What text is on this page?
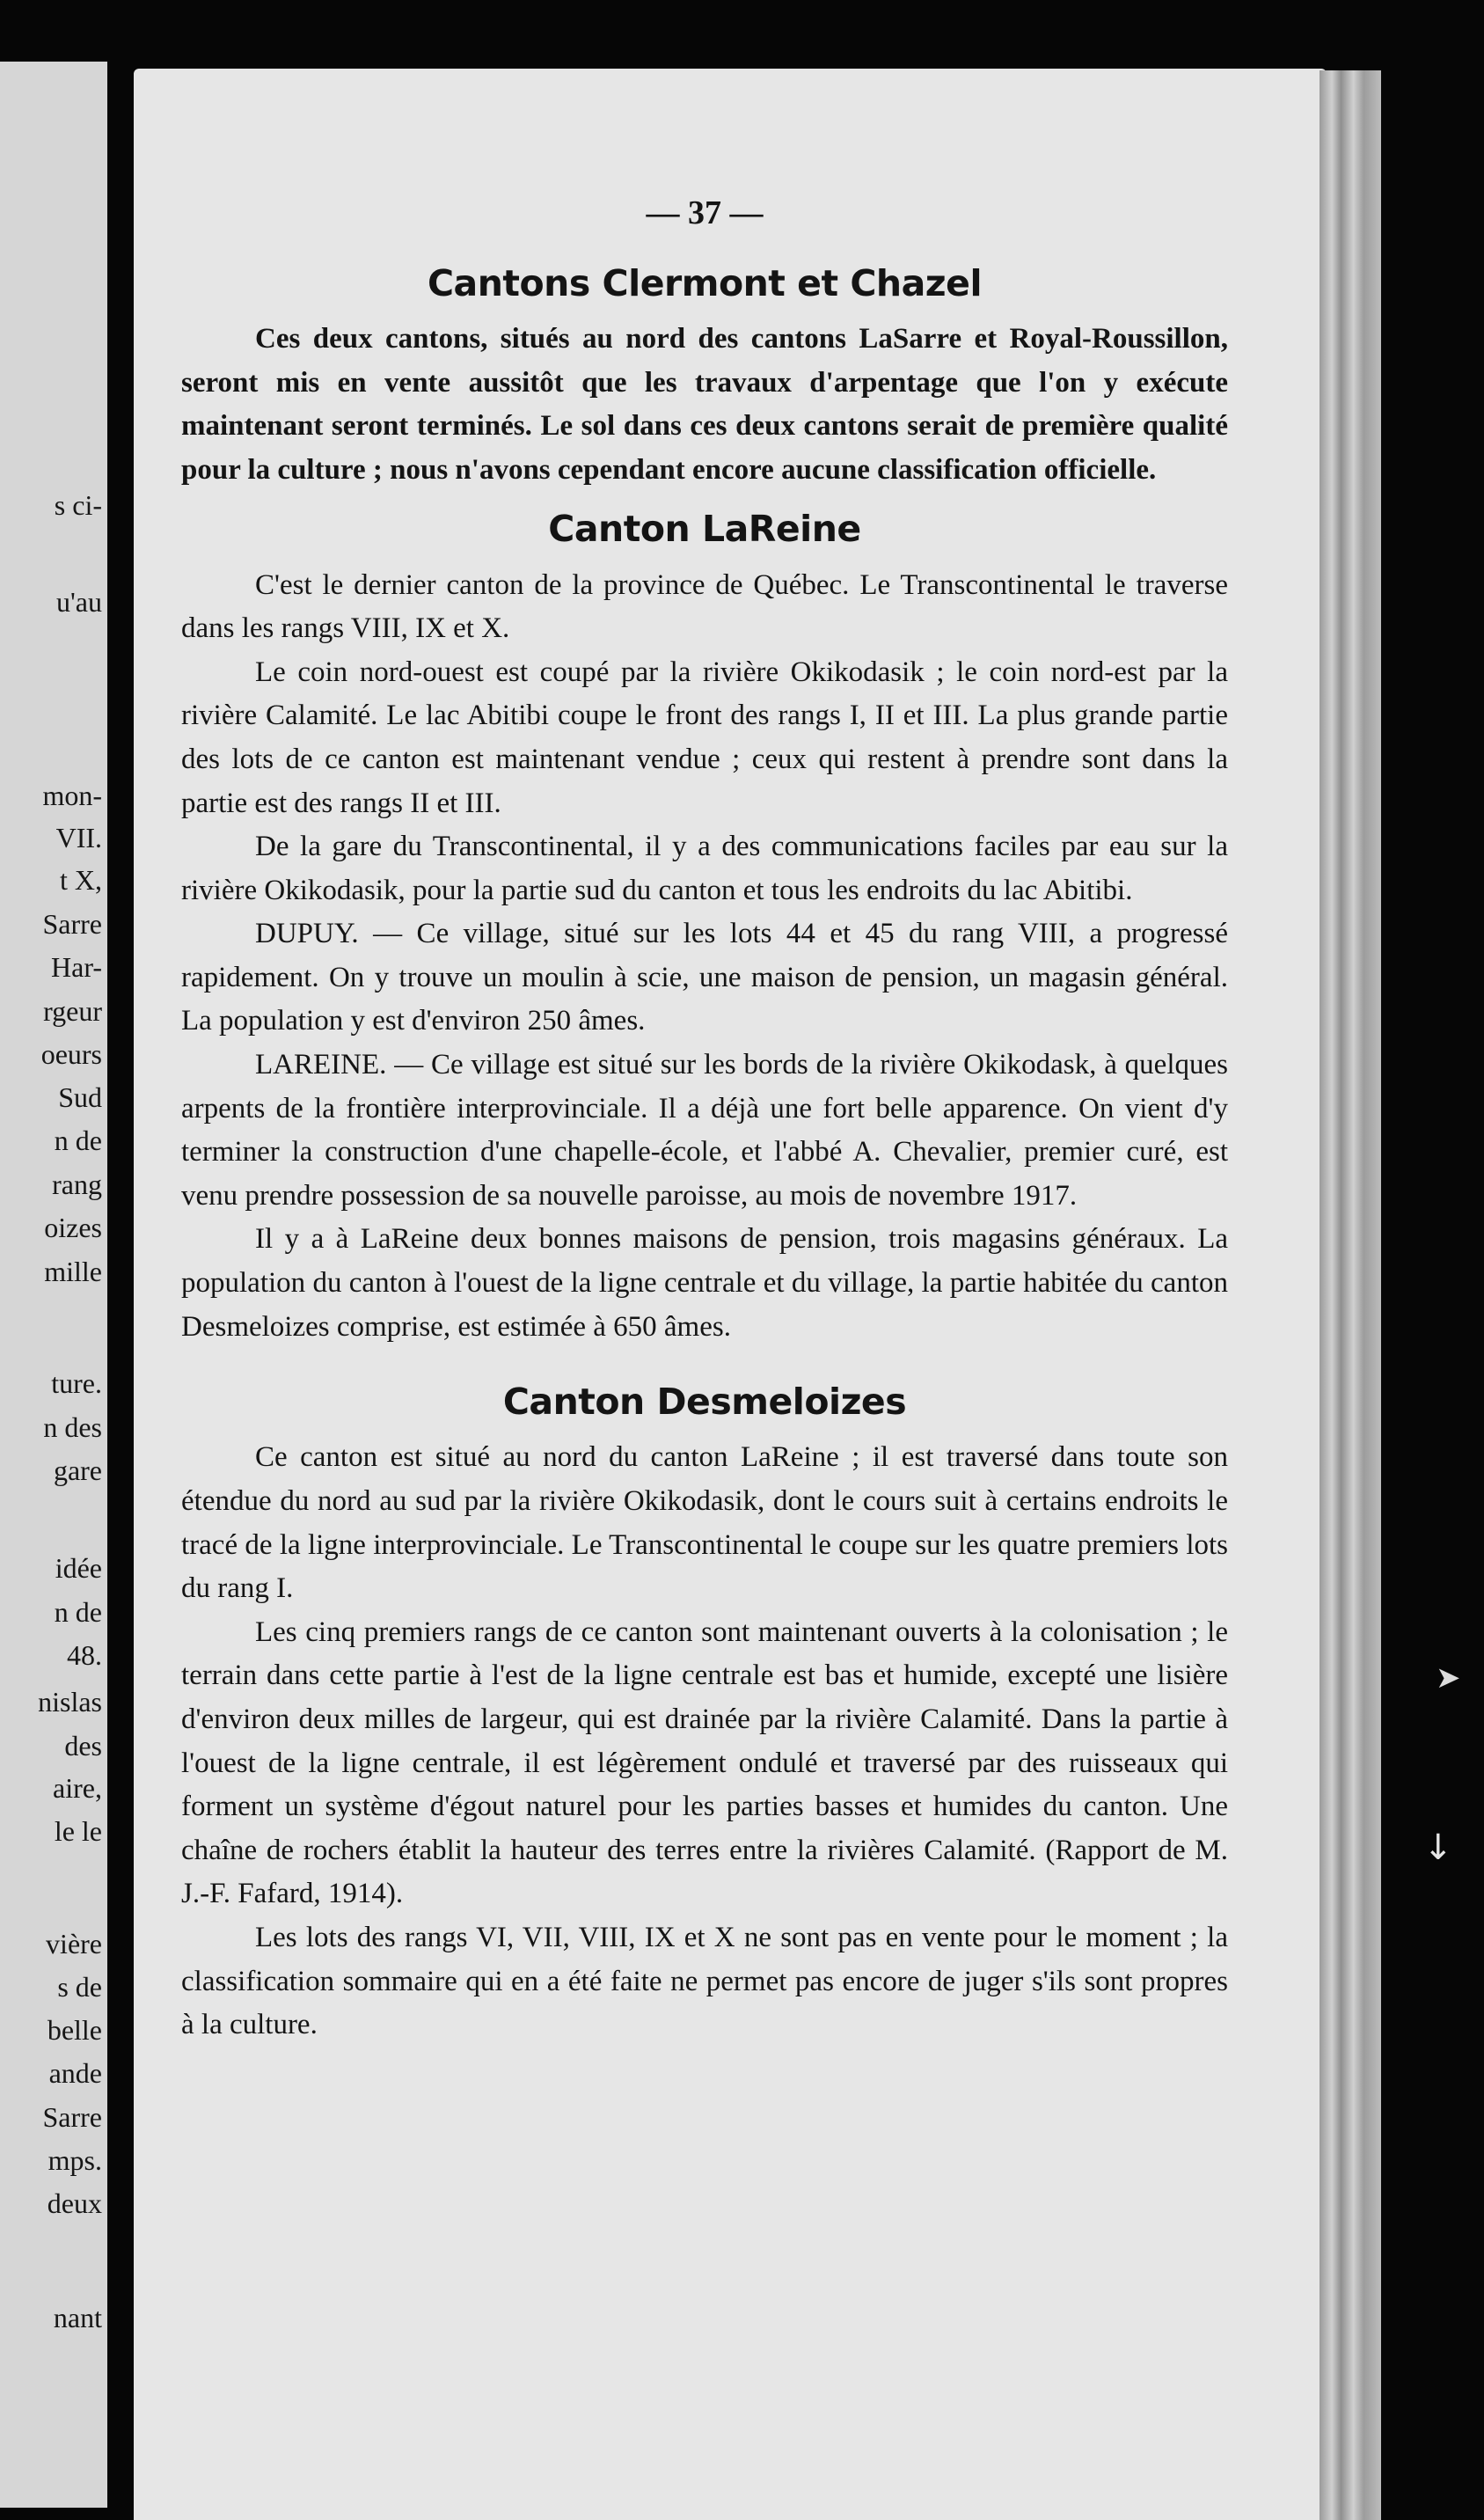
s ci-
u'au
mon-
VII.
t X,
Sarre
Har-
rgeur
oeurs
Sud
n de
rang
oizes
mille
ture.
n des
gare
idée
n de
48.
nislas
des
aire,
le le
vière
s de
belle
ande
Sarre
mps.
deux
nant
➤
↓
— 37 —
Cantons Clermont et Chazel

Ces deux cantons, situés au nord des cantons LaSarre et Royal-Roussillon, seront mis en vente aussitôt que les travaux d'arpentage que l'on y exécute maintenant seront terminés. Le sol dans ces deux cantons serait de première qualité pour la culture ; nous n'avons cependant encore aucune classification officielle.

Canton LaReine

C'est le dernier canton de la province de Québec. Le Transcontinental le traverse dans les rangs VIII, IX et X.

Le coin nord-ouest est coupé par la rivière Okikodasik ; le coin nord-est par la rivière Calamité. Le lac Abitibi coupe le front des rangs I, II et III. La plus grande partie des lots de ce canton est maintenant vendue ; ceux qui restent à prendre sont dans la partie est des rangs II et III.

De la gare du Transcontinental, il y a des communications faciles par eau sur la rivière Okikodasik, pour la partie sud du canton et tous les endroits du lac Abitibi.

DUPUY. — Ce village, situé sur les lots 44 et 45 du rang VIII, a progressé rapidement. On y trouve un moulin à scie, une maison de pension, un magasin général. La population y est d'environ 250 âmes.

LAREINE. — Ce village est situé sur les bords de la rivière Okikodask, à quelques arpents de la frontière interprovinciale. Il a déjà une fort belle apparence. On vient d'y terminer la construction d'une chapelle-école, et l'abbé A. Chevalier, premier curé, est venu prendre possession de sa nouvelle paroisse, au mois de novembre 1917.

Il y a à LaReine deux bonnes maisons de pension, trois magasins généraux. La population du canton à l'ouest de la ligne centrale et du village, la partie habitée du canton Desmeloizes comprise, est estimée à 650 âmes.

Canton Desmeloizes

Ce canton est situé au nord du canton LaReine ; il est traversé dans toute son étendue du nord au sud par la rivière Okikodasik, dont le cours suit à certains endroits le tracé de la ligne interprovinciale. Le Transcontinental le coupe sur les quatre premiers lots du rang I.

Les cinq premiers rangs de ce canton sont maintenant ouverts à la colonisation ; le terrain dans cette partie à l'est de la ligne centrale est bas et humide, excepté une lisière d'environ deux milles de largeur, qui est drainée par la rivière Calamité. Dans la partie à l'ouest de la ligne centrale, il est légèrement ondulé et traversé par des ruisseaux qui forment un système d'égout naturel pour les parties basses et humides du canton. Une chaîne de rochers établit la hauteur des terres entre la rivières Calamité. (Rapport de M. J.-F. Fafard, 1914).

Les lots des rangs VI, VII, VIII, IX et X ne sont pas en vente pour le moment ; la classification sommaire qui en a été faite ne permet pas encore de juger s'ils sont propres à la culture.
